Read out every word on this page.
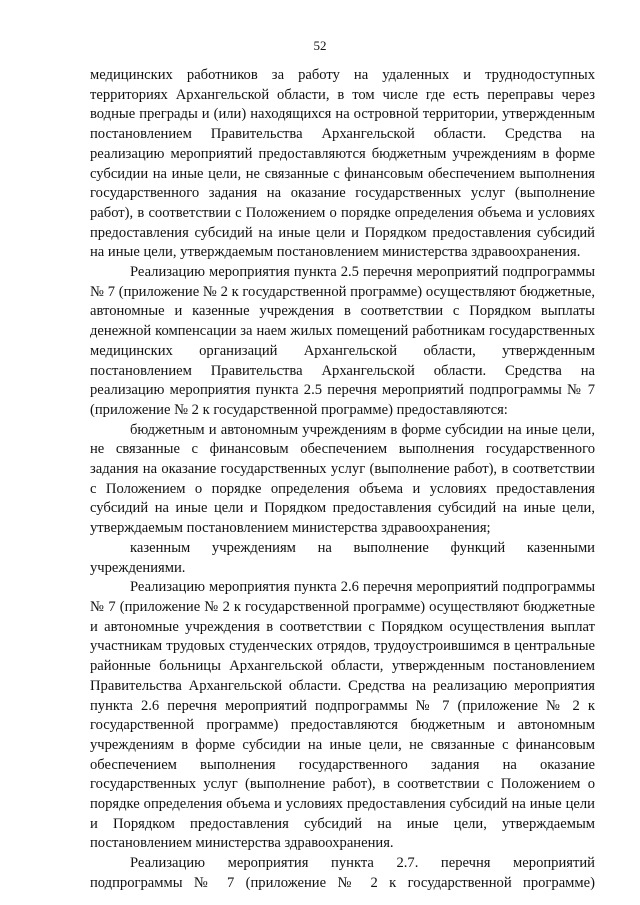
52

медицинских работников за работу на удаленных и труднодоступных территориях Архангельской области, в том числе где есть переправы через водные преграды и (или) находящихся на островной территории, утвержденным постановлением Правительства Архангельской области. Средства на реализацию мероприятий предоставляются бюджетным учреждениям в форме субсидии на иные цели, не связанные с финансовым обеспечением выполнения государственного задания на оказание государственных услуг (выполнение работ), в соответствии с Положением о порядке определения объема и условиях предоставления субсидий на иные цели и Порядком предоставления субсидий на иные цели, утверждаемым постановлением министерства здравоохранения.

Реализацию мероприятия пункта 2.5 перечня мероприятий подпрограммы № 7 (приложение № 2 к государственной программе) осуществляют бюджетные, автономные и казенные учреждения в соответствии с Порядком выплаты денежной компенсации за наем жилых помещений работникам государственных медицинских организаций Архангельской области, утвержденным постановлением Правительства Архангельской области. Средства на реализацию мероприятия пункта 2.5 перечня мероприятий подпрограммы № 7 (приложение № 2 к государственной программе) предоставляются:

бюджетным и автономным учреждениям в форме субсидии на иные цели, не связанные с финансовым обеспечением выполнения государственного задания на оказание государственных услуг (выполнение работ), в соответствии с Положением о порядке определения объема и условиях предоставления субсидий на иные цели и Порядком предоставления субсидий на иные цели, утверждаемым постановлением министерства здравоохранения;

казенным учреждениям на выполнение функций казенными учреждениями.

Реализацию мероприятия пункта 2.6 перечня мероприятий подпрограммы № 7 (приложение № 2 к государственной программе) осуществляют бюджетные и автономные учреждения в соответствии с Порядком осуществления выплат участникам трудовых студенческих отрядов, трудоустроившимся в центральные районные больницы Архангельской области, утвержденным постановлением Правительства Архангельской области. Средства на реализацию мероприятия пункта 2.6 перечня мероприятий подпрограммы № 7 (приложение № 2 к государственной программе) предоставляются бюджетным и автономным учреждениям в форме субсидии на иные цели, не связанные с финансовым обеспечением выполнения государственного задания на оказание государственных услуг (выполнение работ), в соответствии с Положением о порядке определения объема и условиях предоставления субсидий на иные цели и Порядком предоставления субсидий на иные цели, утверждаемым постановлением министерства здравоохранения.

Реализацию мероприятия пункта 2.7. перечня мероприятий подпрограммы № 7 (приложение № 2 к государственной программе)
